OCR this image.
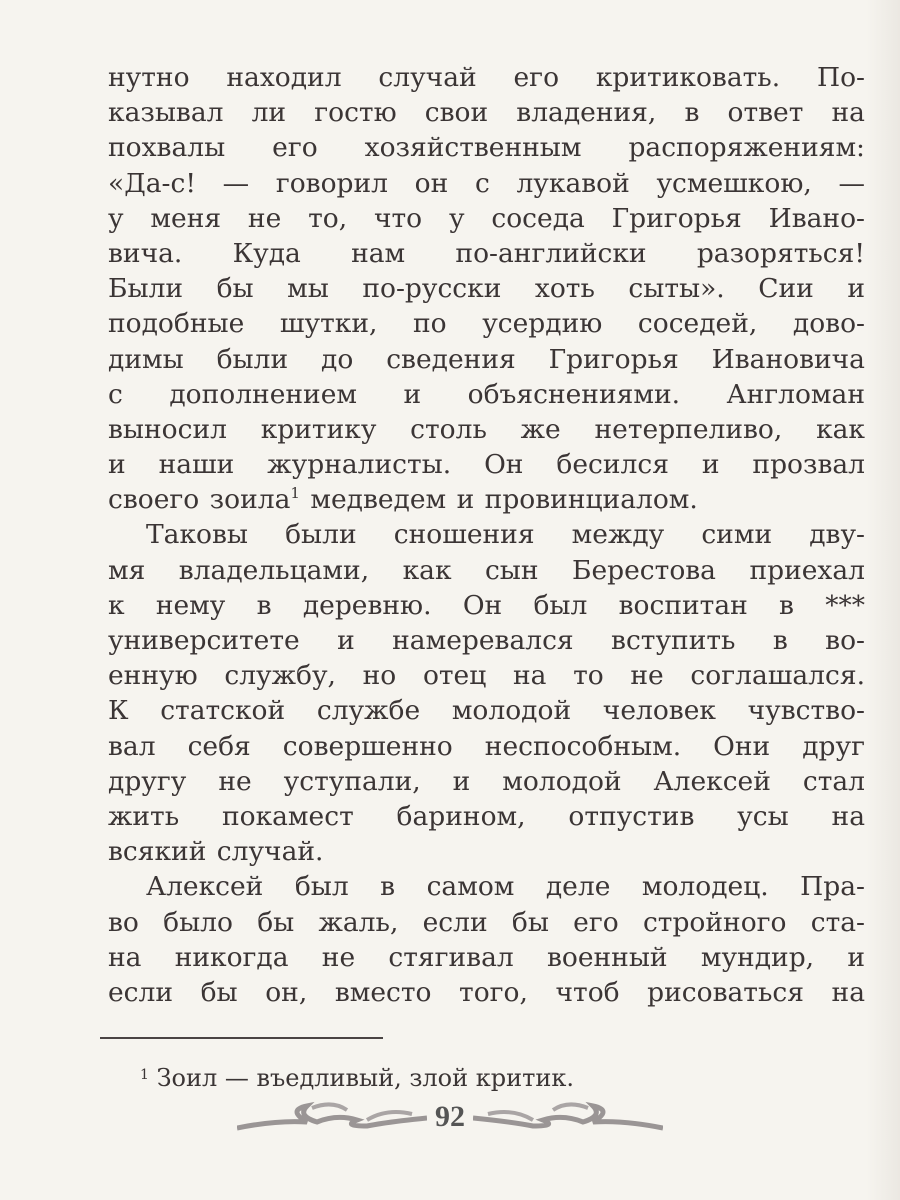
нутно находил случай его критиковать. По-
казывал ли гостю свои владения, в ответ на
похвалы его хозяйственным распоряжениям:
«Да-с! — говорил он с лукавой усмешкою, —
у меня не то, что у соседа Григорья Ивано-
вича. Куда нам по-английски разоряться!
Были бы мы по-русски хоть сыты». Сии и
подобные шутки, по усердию соседей, дово-
димы были до сведения Григорья Ивановича
с дополнением и объяснениями. Англоман
выносил критику столь же нетерпеливо, как
и наши журналисты. Он бесился и прозвал
своего зоила$^1$ медведем и провинциалом.
Таковы были сношения между сими дву-
мя владельцами, как сын Берестова приехал
к нему в деревню. Он был воспитан в ***
университете и намеревался вступить в во-
енную службу, но отец на то не соглашался.
К статской службе молодой человек чувство-
вал себя совершенно неспособным. Они друг
другу не уступали, и молодой Алексей стал
жить покамест барином, отпустив усы на
всякий случай.
Алексей был в самом деле молодец. Пра-
во было бы жаль, если бы его стройного ста-
на никогда не стягивал военный мундир, и
если бы он, вместо того, чтоб рисоваться на
$^1$ Зоил — въедливый, злой критик.
92
